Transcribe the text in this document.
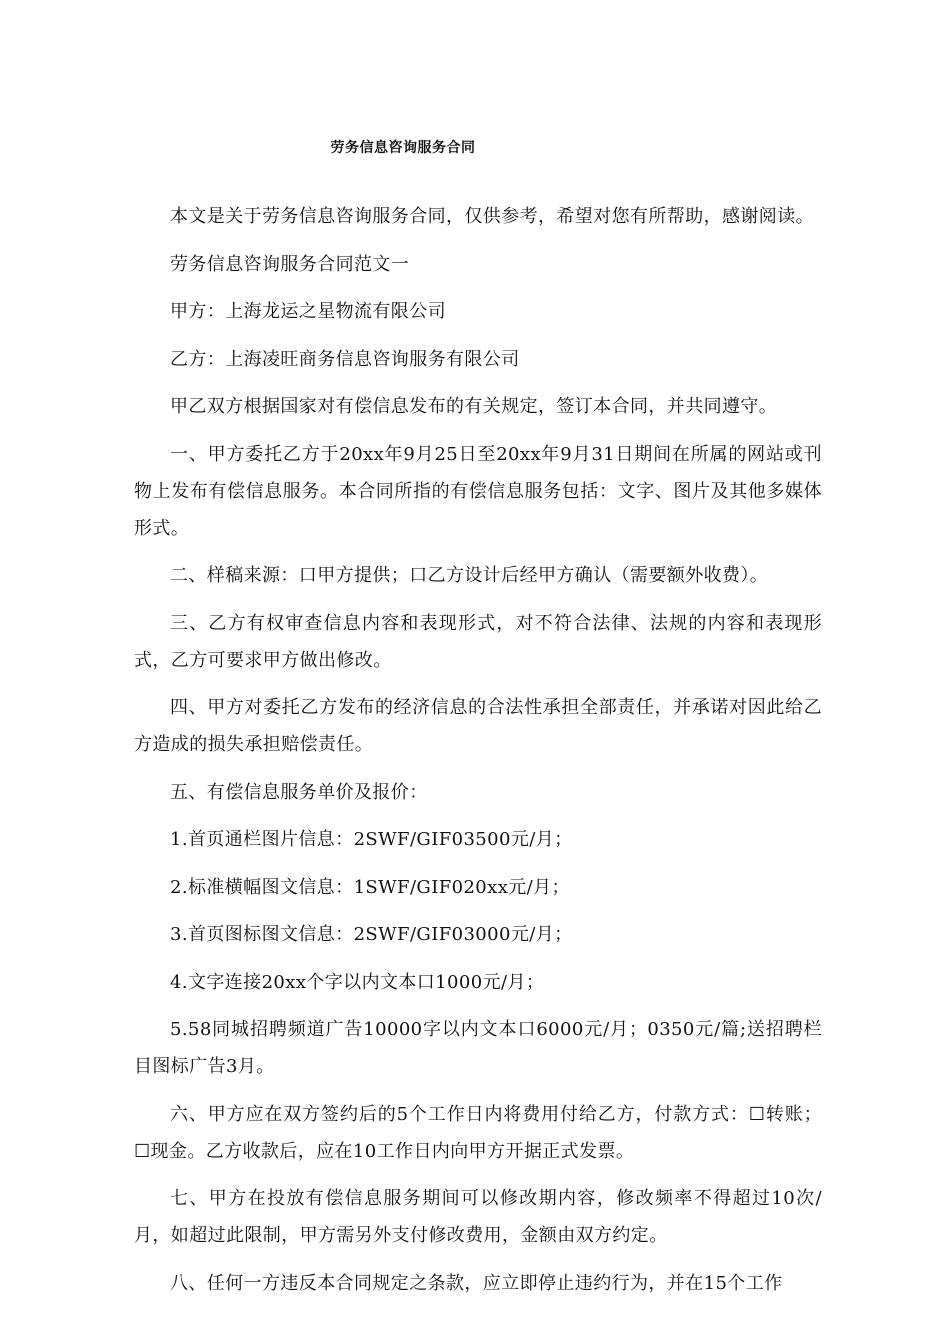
劳务信息咨询服务合同

本文是关于劳务信息咨询服务合同，仅供参考，希望对您有所帮助，感谢阅读。

劳务信息咨询服务合同范文一

甲方：上海龙运之星物流有限公司

乙方：上海凌旺商务信息咨询服务有限公司

甲乙双方根据国家对有偿信息发布的有关规定，签订本合同，并共同遵守。

一、甲方委托乙方于20xx年9月25日至20xx年9月31日期间在所属的网站或刊物上发布有偿信息服务。本合同所指的有偿信息服务包括：文字、图片及其他多媒体形式。

二、样稿来源：口甲方提供；口乙方设计后经甲方确认（需要额外收费）。

三、乙方有权审查信息内容和表现形式，对不符合法律、法规的内容和表现形式，乙方可要求甲方做出修改。

四、甲方对委托乙方发布的经济信息的合法性承担全部责任，并承诺对因此给乙方造成的损失承担赔偿责任。

五、有偿信息服务单价及报价：

1.首页通栏图片信息：2SWF/GIF03500元/月；

2.标准横幅图文信息：1SWF/GIF020xx元/月；

3.首页图标图文信息：2SWF/GIF03000元/月；

4.文字连接20xx个字以内文本口1000元/月；

5.58同城招聘频道广告10000字以内文本口6000元/月；0350元/篇;送招聘栏目图标广告3月。

六、甲方应在双方签约后的5个工作日内将费用付给乙方，付款方式：☐转账；☐现金。乙方收款后，应在10工作日内向甲方开据正式发票。

七、甲方在投放有偿信息服务期间可以修改期内容，修改频率不得超过10次/月，如超过此限制，甲方需另外支付修改费用，金额由双方约定。

八、任何一方违反本合同规定之条款，应立即停止违约行为，并在15个工作
